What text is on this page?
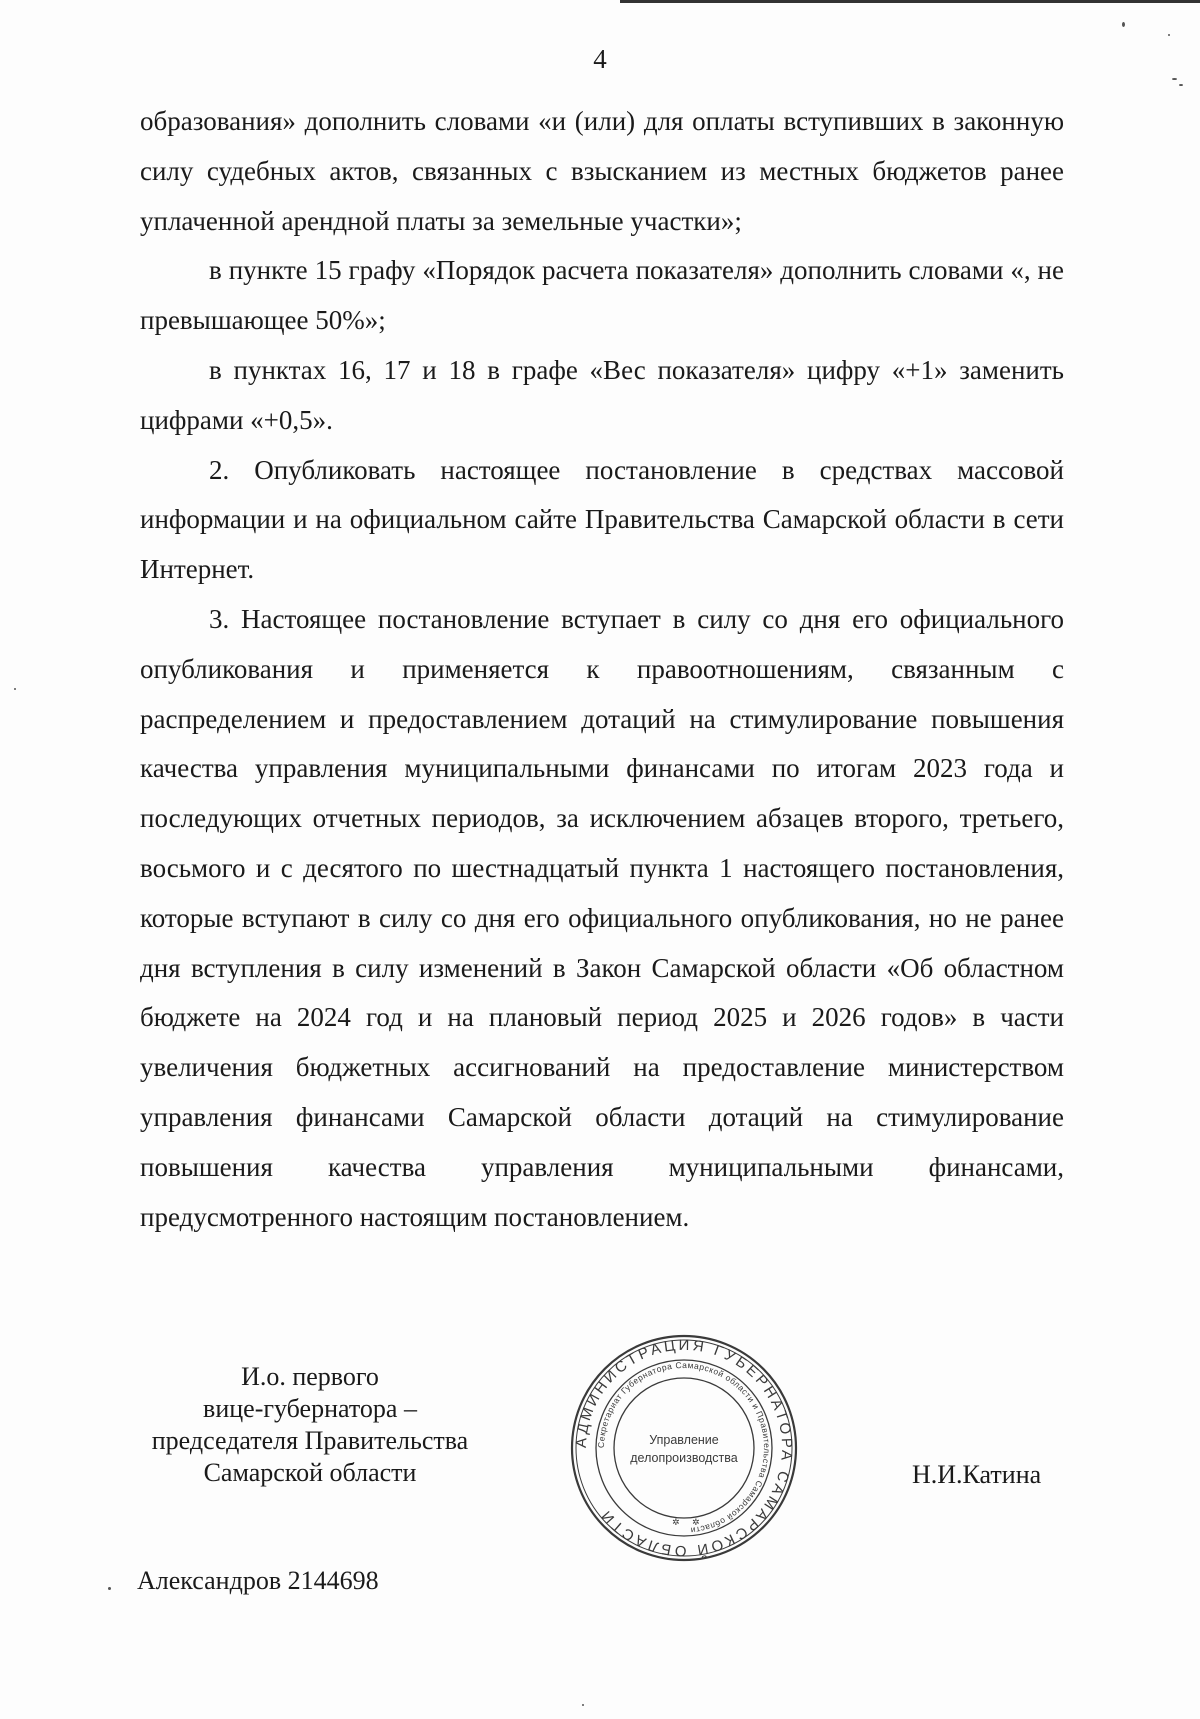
4

образования» дополнить словами «и (или) для оплаты вступивших в законную силу судебных актов, связанных с взысканием из местных бюджетов ранее уплаченной арендной платы за земельные участки»;

в пункте 15 графу «Порядок расчета показателя» дополнить словами «, не превышающее 50%»;

в пунктах 16, 17 и 18 в графе «Вес показателя» цифру «+1» заменить цифрами «+0,5».

2. Опубликовать настоящее постановление в средствах массовой информации и на официальном сайте Правительства Самарской области в сети Интернет.

3. Настоящее постановление вступает в силу со дня его официального опубликования и применяется к правоотношениям, связанным с распределением и предоставлением дотаций на стимулирование повышения качества управления муниципальными финансами по итогам 2023 года и последующих отчетных периодов, за исключением абзацев второго, третьего, восьмого и с десятого по шестнадцатый пункта 1 настоящего постановления, которые вступают в силу со дня его официального опубликования, но не ранее дня вступления в силу изменений в Закон Самарской области «Об областном бюджете на 2024 год и на плановый период 2025 и 2026 годов» в части увеличения бюджетных ассигнований на предоставление министерством управления финансами Самарской области дотаций на стимулирование повышения качества управления муниципальными финансами, предусмотренного настоящим постановлением.

И.о. первого
вице-губернатора –
председателя Правительства
Самарской области
АДМИНИСТРАЦИЯ ГУБЕРНАТОРА САМАРСКОЙ ОБЛАСТИ
Секретариат Губернатора Самарской области и Правительства Самарской области
Управление
делопроизводства
✲ ✲
Н.И.Катина
Александров 2144698
